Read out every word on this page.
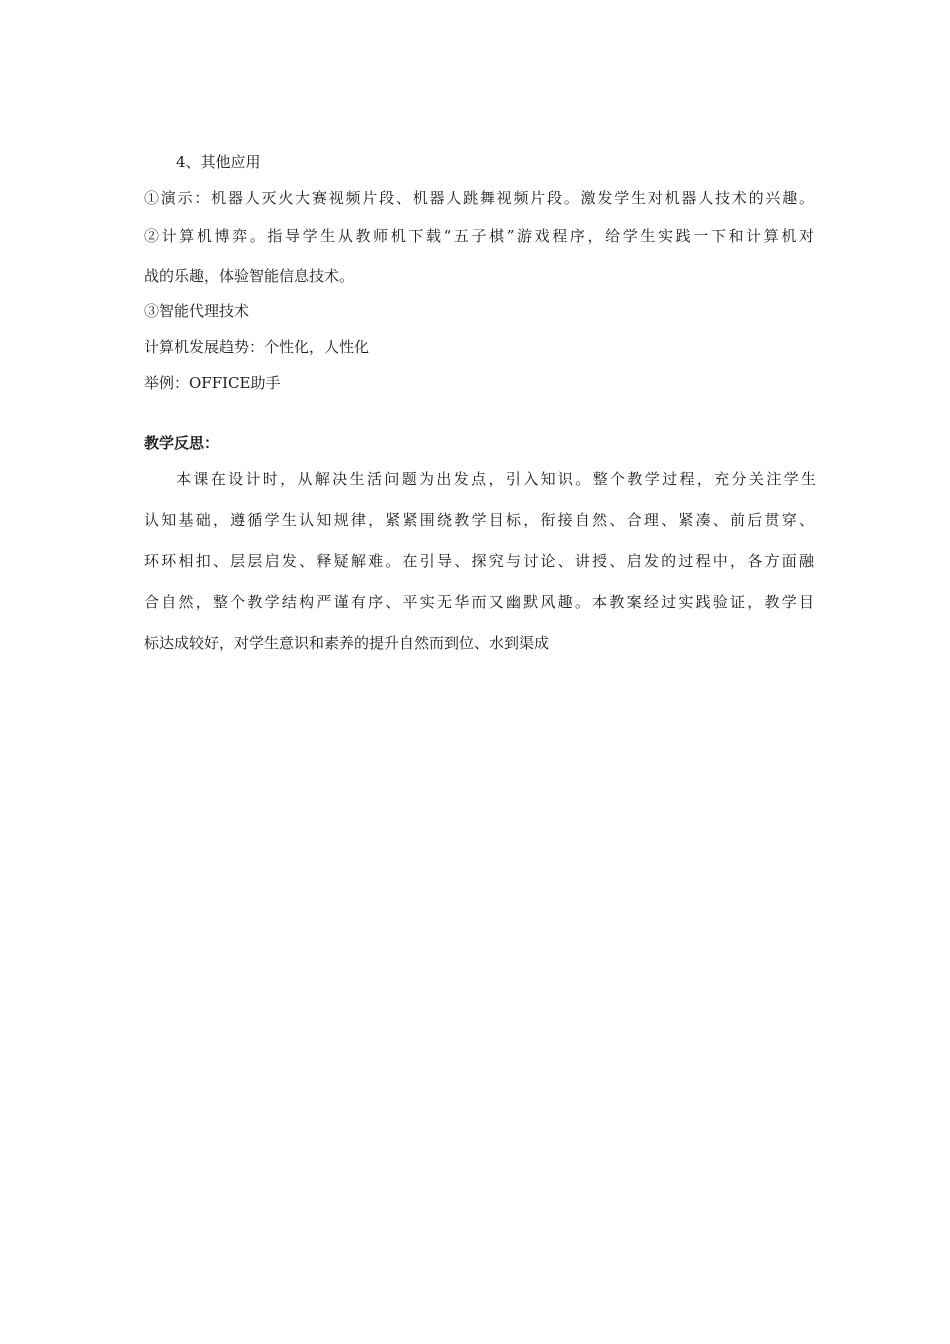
4、其他应用
①演示：机器人灭火大赛视频片段、机器人跳舞视频片段。激发学生对机器人技术的兴趣。
②计算机博弈。指导学生从教师机下载“五子棋”游戏程序，给学生实践一下和计算机对
战的乐趣，体验智能信息技术。
③智能代理技术
计算机发展趋势：个性化，人性化
举例：OFFICE助手
教学反思：
本课在设计时，从解决生活问题为出发点，引入知识。整个教学过程，充分关注学生
认知基础，遵循学生认知规律，紧紧围绕教学目标，衔接自然、合理、紧凑、前后贯穿、
环环相扣、层层启发、释疑解难。在引导、探究与讨论、讲授、启发的过程中，各方面融
合自然，整个教学结构严谨有序、平实无华而又幽默风趣。本教案经过实践验证，教学目
标达成较好，对学生意识和素养的提升自然而到位、水到渠成
